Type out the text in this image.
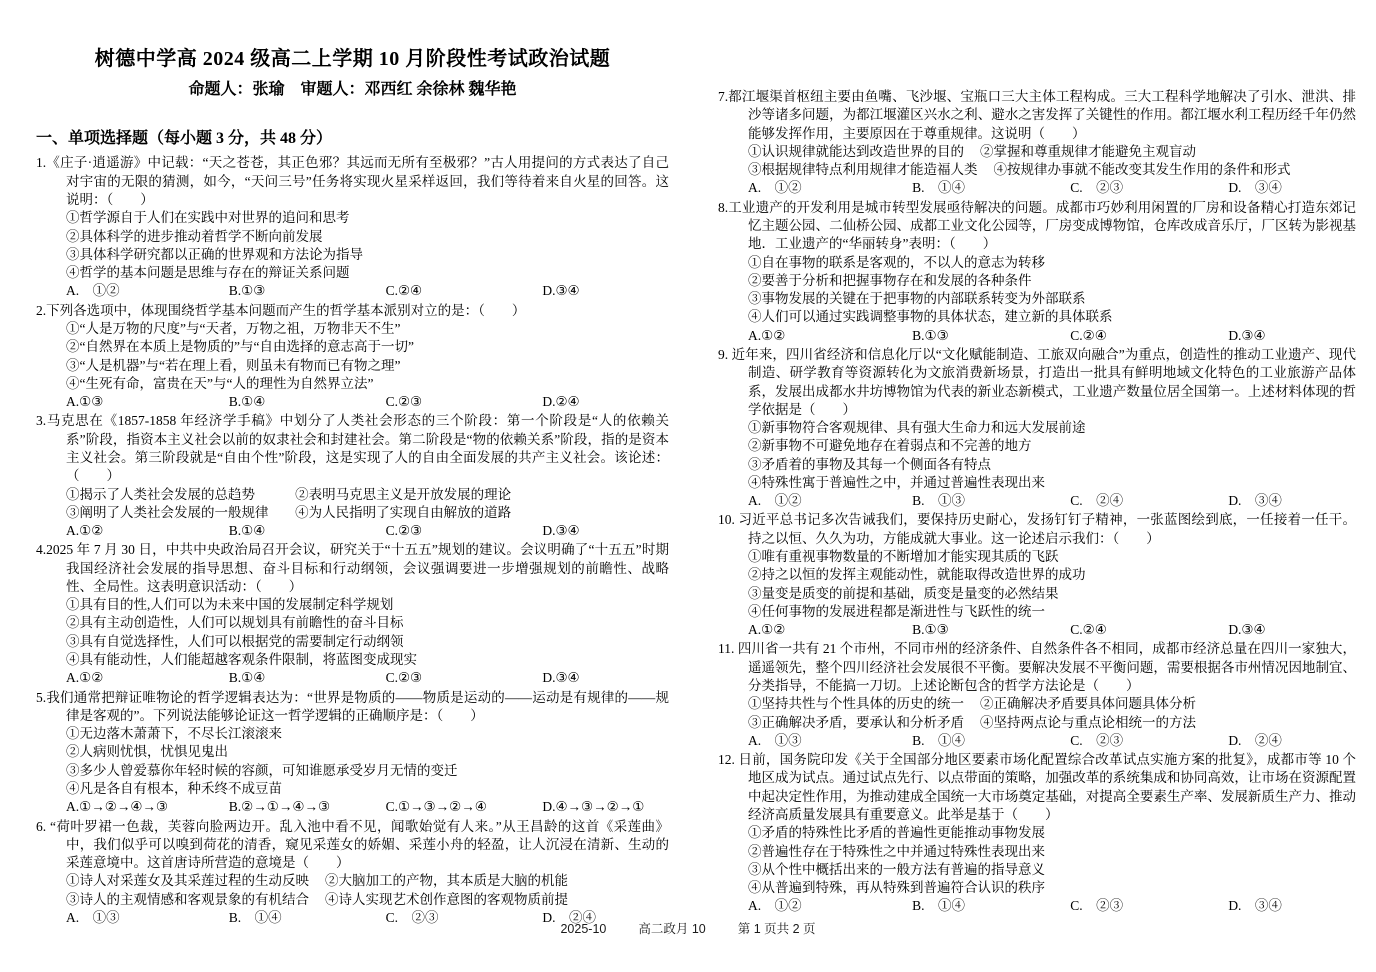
树德中学高 2024 级高二上学期 10 月阶段性考试政治试题
命题人：张瑜　审题人：邓西红 余徐林 魏华艳
一、单项选择题（每小题 3 分，共 48 分）
1.《庄子·逍遥游》中记载：“天之苍苍，其正色邪？其远而无所有至极邪？”古人用提问的方式表达了自己对宇宙的无限的猜测，如今，“天问三号”任务将实现火星采样返回，我们等待着来自火星的回答。这说明：（　　）
①哲学源自于人们在实践中对世界的追问和思考
②具体科学的进步推动着哲学不断向前发展
③具体科学研究都以正确的世界观和方法论为指导
④哲学的基本问题是思维与存在的辩证关系问题
A.　①②	B.①③	C.②④	D.③④
2.下列各选项中，体现围绕哲学基本问题而产生的哲学基本派别对立的是：（　　）
①“人是万物的尺度”与“天者，万物之祖，万物非天不生”
②“自然界在本质上是物质的”与“自由选择的意志高于一切”
③“人是机器”与“若在理上看，则虽未有物而已有物之理”
④“生死有命，富贵在天”与“人的理性为自然界立法”
A.①③	B.①④	C.②③	D.②④
3.马克思在《1857-1858 年经济学手稿》中划分了人类社会形态的三个阶段：第一个阶段是“人的依赖关系”阶段，指资本主义社会以前的奴隶社会和封建社会。第二阶段是“物的依赖关系”阶段，指的是资本主义社会。第三阶段就是“自由个性”阶段，这是实现了人的自由全面发展的共产主义社会。该论述：（　　）
①揭示了人类社会发展的总趋势	②表明马克思主义是开放发展的理论
③阐明了人类社会发展的一般规律	④为人民指明了实现自由解放的道路
A.①②	B.①④	C.②③	D.③④
4.2025 年 7 月 30 日，中共中央政治局召开会议，研究关于“十五五”规划的建议。会议明确了“十五五”时期我国经济社会发展的指导思想、奋斗目标和行动纲领，会议强调要进一步增强规划的前瞻性、战略性、全局性。这表明意识活动：（　　）
①具有目的性,人们可以为未来中国的发展制定科学规划
②具有主动创造性，人们可以规划具有前瞻性的奋斗目标
③具有自觉选择性，人们可以根据党的需要制定行动纲领
④具有能动性，人们能超越客观条件限制，将蓝图变成现实
A.①②	B.①④	C.②③	D.③④
5.我们通常把辩证唯物论的哲学逻辑表达为：“世界是物质的——物质是运动的——运动是有规律的——规律是客观的”。下列说法能够论证这一哲学逻辑的正确顺序是：（　　）
①无边落木萧萧下，不尽长江滚滚来
②人病则忧惧，忧惧见鬼出
③多少人曾爱慕你年轻时候的容颜，可知谁愿承受岁月无情的变迁
④凡是各自有根本，种禾终不成豆苗
A.①→②→④→③	B.②→①→④→③	C.①→③→②→④	D.④→③→②→①
6. “荷叶罗裙一色裁，芙蓉向脸两边开。乱入池中看不见，闻歌始觉有人来。”从王昌龄的这首《采莲曲》中，我们似乎可以嗅到荷花的清香，窥见采莲女的娇媚、采莲小舟的轻盈，让人沉浸在清新、生动的采莲意境中。这首唐诗所营造的意境是（　　）
①诗人对采莲女及其采莲过程的生动反映	②大脑加工的产物，其本质是大脑的机能
③诗人的主观情感和客观景象的有机结合	④诗人实现艺术创作意图的客观物质前提
A.　①③	B.　①④	C.　②③	D.　②④
7.都江堰渠首枢纽主要由鱼嘴、飞沙堰、宝瓶口三大主体工程构成。三大工程科学地解决了引水、泄洪、排沙等诸多问题，为都江堰灌区兴水之利、避水之害发挥了关键性的作用。都江堰水利工程历经千年仍然能够发挥作用，主要原因在于尊重规律。这说明（　　）
①认识规律就能达到改造世界的目的	②掌握和尊重规律才能避免主观盲动
③根据规律特点利用规律才能造福人类	④按规律办事就不能改变其发生作用的条件和形式
A.　①②	B.　①④	C.　②③	D.　③④
8.工业遗产的开发利用是城市转型发展亟待解决的问题。成都市巧妙利用闲置的厂房和设备精心打造东郊记忆主题公园、二仙桥公园、成都工业文化公园等，厂房变成博物馆，仓库改成音乐厅，厂区转为影视基地．工业遗产的“华丽转身”表明：（　　）
①自在事物的联系是客观的，不以人的意志为转移
②要善于分析和把握事物存在和发展的各种条件
③事物发展的关键在于把事物的内部联系转变为外部联系
④人们可以通过实践调整事物的具体状态，建立新的具体联系
A.①②	B.①③	C.②④	D.③④
9. 近年来，四川省经济和信息化厅以“文化赋能制造、工旅双向融合”为重点，创造性的推动工业遗产、现代制造、研学教育等资源转化为文旅消费新场景，打造出一批具有鲜明地域文化特色的工业旅游产品体系，发展出成都水井坊博物馆为代表的新业态新模式，工业遗产数量位居全国第一。上述材料体现的哲学依据是（　　）
①新事物符合客观规律、具有强大生命力和远大发展前途
②新事物不可避免地存在着弱点和不完善的地方
③矛盾着的事物及其每一个侧面各有特点
④特殊性寓于普遍性之中，并通过普遍性表现出来
A.　①②	B.　①③	C.　②④	D.　③④
10. 习近平总书记多次告诫我们，要保持历史耐心，发扬钉钉子精神，一张蓝图绘到底，一任接着一任干。持之以恒、久久为功，方能成就大事业。这一论述启示我们：（　　）
①唯有重视事物数量的不断增加才能实现其质的飞跃
②持之以恒的发挥主观能动性，就能取得改造世界的成功
③量变是质变的前提和基础，质变是量变的必然结果
④任何事物的发展进程都是渐进性与飞跃性的统一
A.①②	B.①③	C.②④	D.③④
11. 四川省一共有 21 个市州，不同市州的经济条件、自然条件各不相同，成都市经济总量在四川一家独大，遥遥领先，整个四川经济社会发展很不平衡。要解决发展不平衡问题，需要根据各市州情况因地制宜、分类指导，不能搞一刀切。上述论断包含的哲学方法论是（　　）
①坚持共性与个性具体的历史的统一	②正确解决矛盾要具体问题具体分析
③正确解决矛盾，要承认和分析矛盾	④坚持两点论与重点论相统一的方法
A.　①③	B.　①④	C.　②③	D.　②④
12. 日前，国务院印发《关于全国部分地区要素市场化配置综合改革试点实施方案的批复》，成都市等 10 个地区成为试点。通过试点先行、以点带面的策略，加强改革的系统集成和协同高效，让市场在资源配置中起决定性作用，为推动建成全国统一大市场奠定基础，对提高全要素生产率、发展新质生产力、推动经济高质量发展具有重要意义。此举是基于（　　）
①矛盾的特殊性比矛盾的普遍性更能推动事物发展
②普遍性存在于特殊性之中并通过特殊性表现出来
③从个性中概括出来的一般方法有普遍的指导意义
④从普遍到特殊，再从特殊到普遍符合认识的秩序
A.　①②	B.　①④	C.　②③	D.　③④
2025-10	高二政月 10	第 1 页共 2 页
